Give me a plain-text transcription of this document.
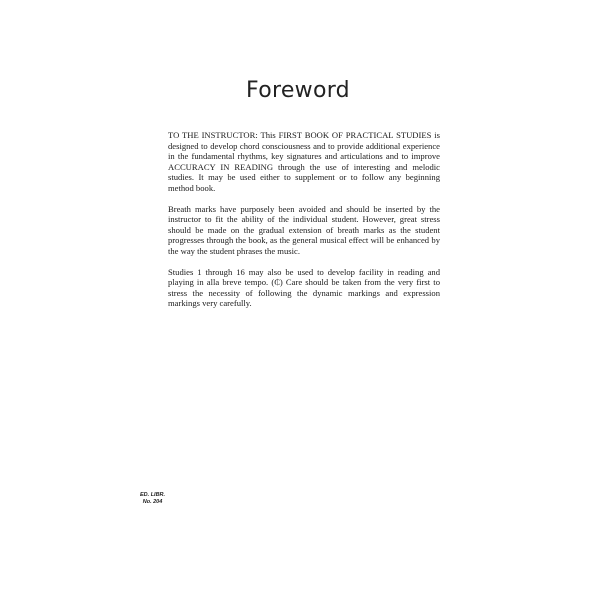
Foreword

TO THE INSTRUCTOR: This FIRST BOOK OF PRACTICAL STUDIES is designed to develop chord consciousness and to provide additional experience in the fundamental rhythms, key signatures and articulations and to improve ACCURACY IN READING through the use of interesting and melodic studies. It may be used either to supplement or to follow any beginning method book.

Breath marks have purposely been avoided and should be inserted by the instructor to fit the ability of the individual student. However, great stress should be made on the gradual extension of breath marks as the student progresses through the book, as the general musical effect will be enhanced by the way the student phrases the music.

Studies 1 through 16 may also be used to develop facility in reading and playing in alla breve tempo. (₵) Care should be taken from the very first to stress the necessity of following the dynamic markings and expression markings very carefully.

ED. LIBR.
No. 204
